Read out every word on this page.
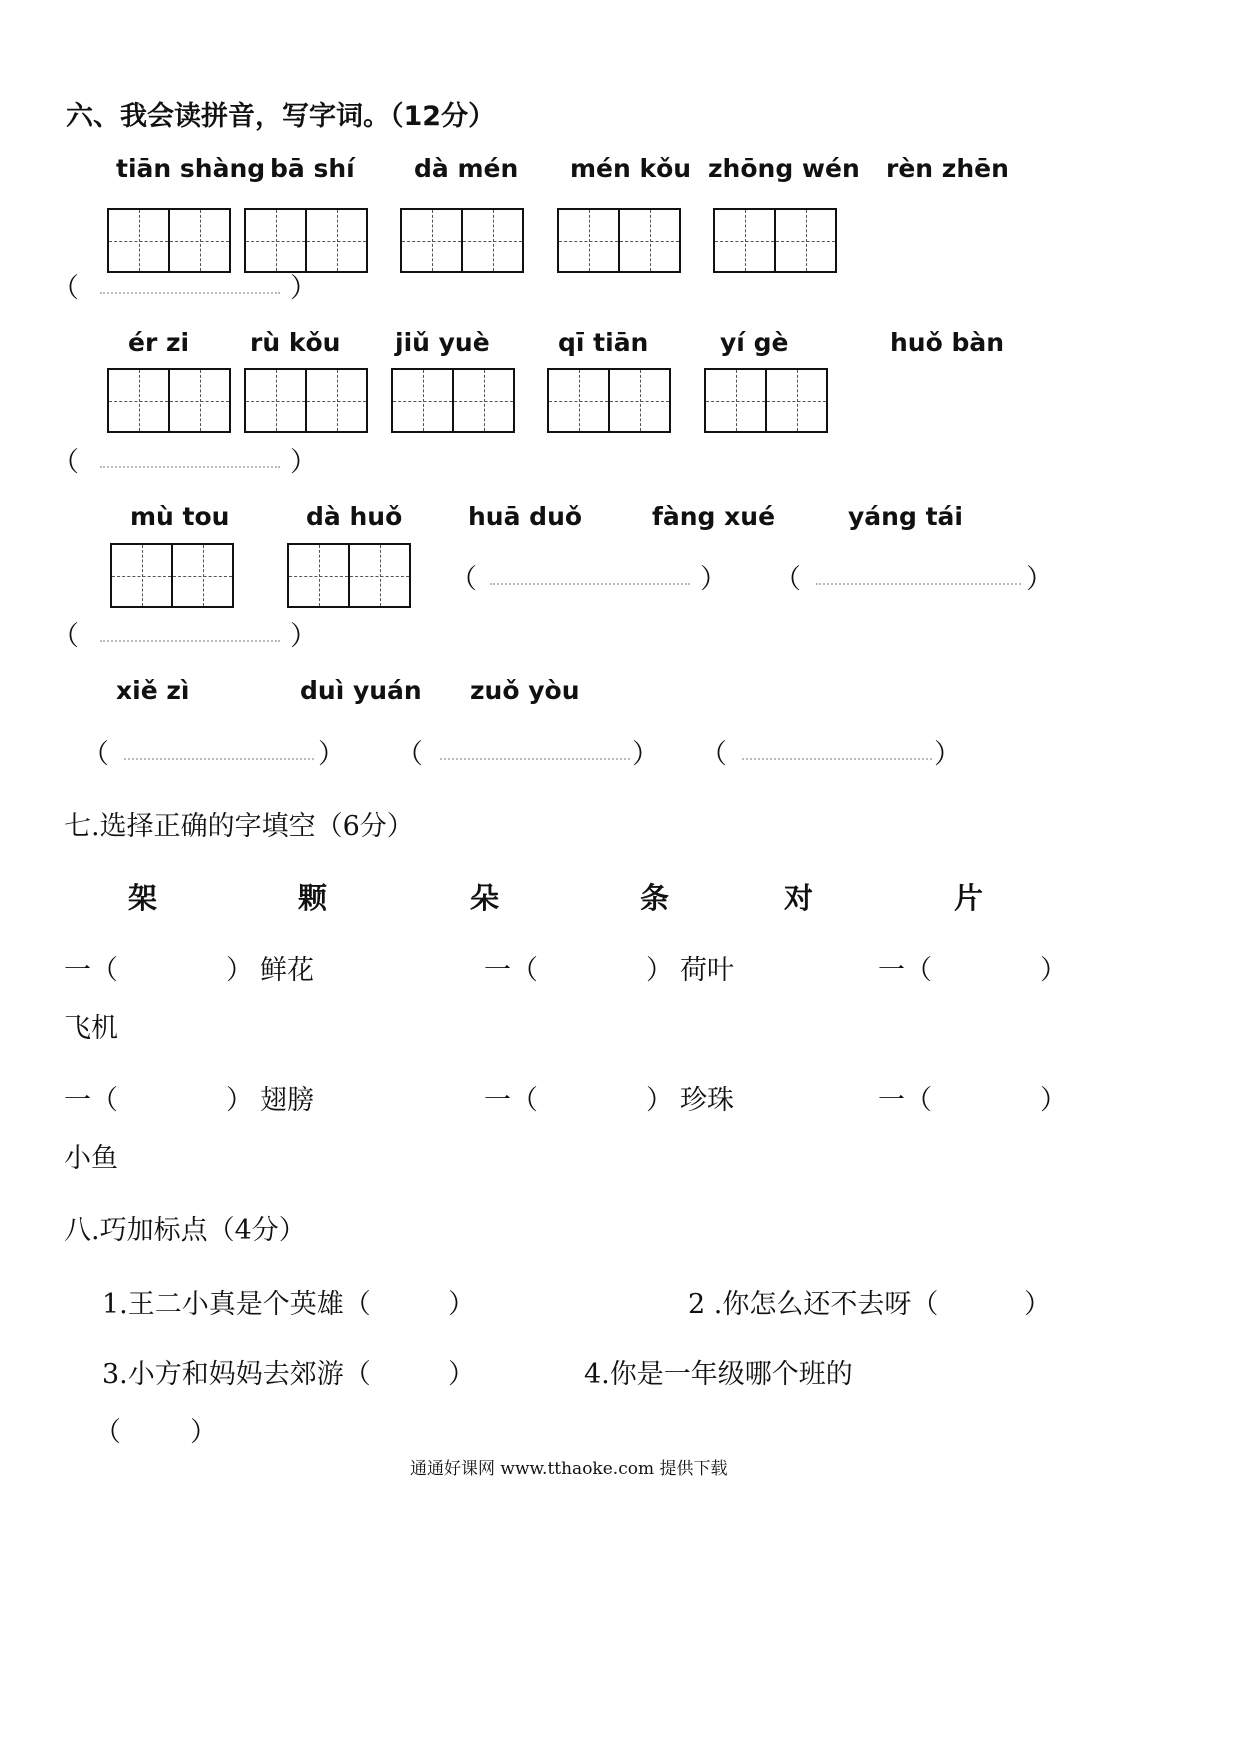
六、我会读拼音，写字词。（12分）
tiān shàng bā shí dà mén mén kǒu zhōng wén rèn zhēn
（	）
ér zi rù kǒu jiǔ yuè	qī tiān	yí gè	huǒ bàn
（	）
mù tou	dà huǒ	huā duǒ	fàng xué	yáng tái
（	） （	）
（	）
xiě zì	duì yuán zuǒ yòu
（	） （	） （	）
七.选择正确的字填空（6分）
架	颗	朵	条	对	片
一（	） 鲜花	一（	） 荷叶	一（	）
飞机
一（	） 翅膀	一（	） 珍珠	一（	）
小鱼
八.巧加标点（4分）
1.王二小真是个英雄（	）	2 .你怎么还不去呀（	）
3.小方和妈妈去郊游（	）	4.你是一年级哪个班的
（	）
通通好课网 www.tthaoke.com 提供下载
